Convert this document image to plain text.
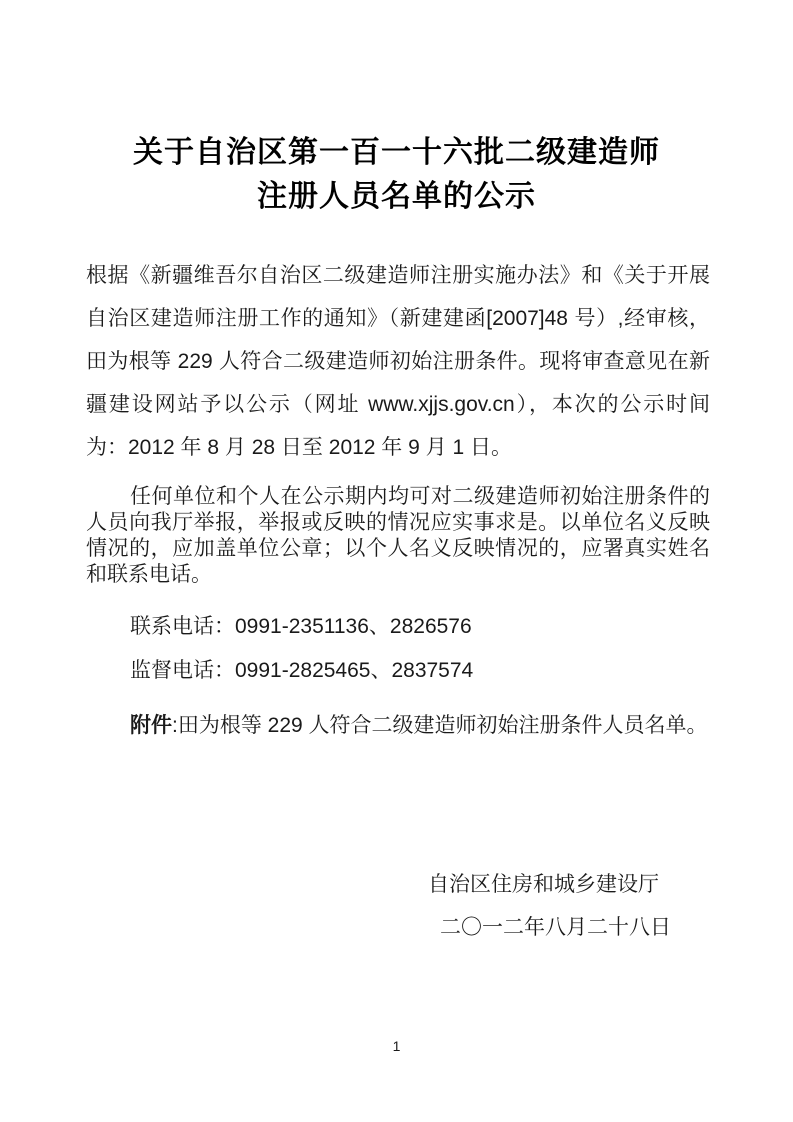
关于自治区第一百一十六批二级建造师
注册人员名单的公示
根据《新疆维吾尔自治区二级建造师注册实施办法》和《关于开展
自治区建造师注册工作的通知》（新建建函[2007]48 号）,经审核，
田为根等 229 人符合二级建造师初始注册条件。现将审查意见在新
疆建设网站予以公示（网址 www.xjjs.gov.cn），本次的公示时间
为：2012 年 8 月 28 日至 2012 年 9 月 1 日。
任何单位和个人在公示期内均可对二级建造师初始注册条件的
人员向我厅举报，举报或反映的情况应实事求是。以单位名义反映
情况的，应加盖单位公章；以个人名义反映情况的，应署真实姓名
和联系电话。
联系电话：0991-2351136、2826576
监督电话：0991-2825465、2837574
附件:田为根等 229 人符合二级建造师初始注册条件人员名单。
自治区住房和城乡建设厅
二〇一二年八月二十八日
1
